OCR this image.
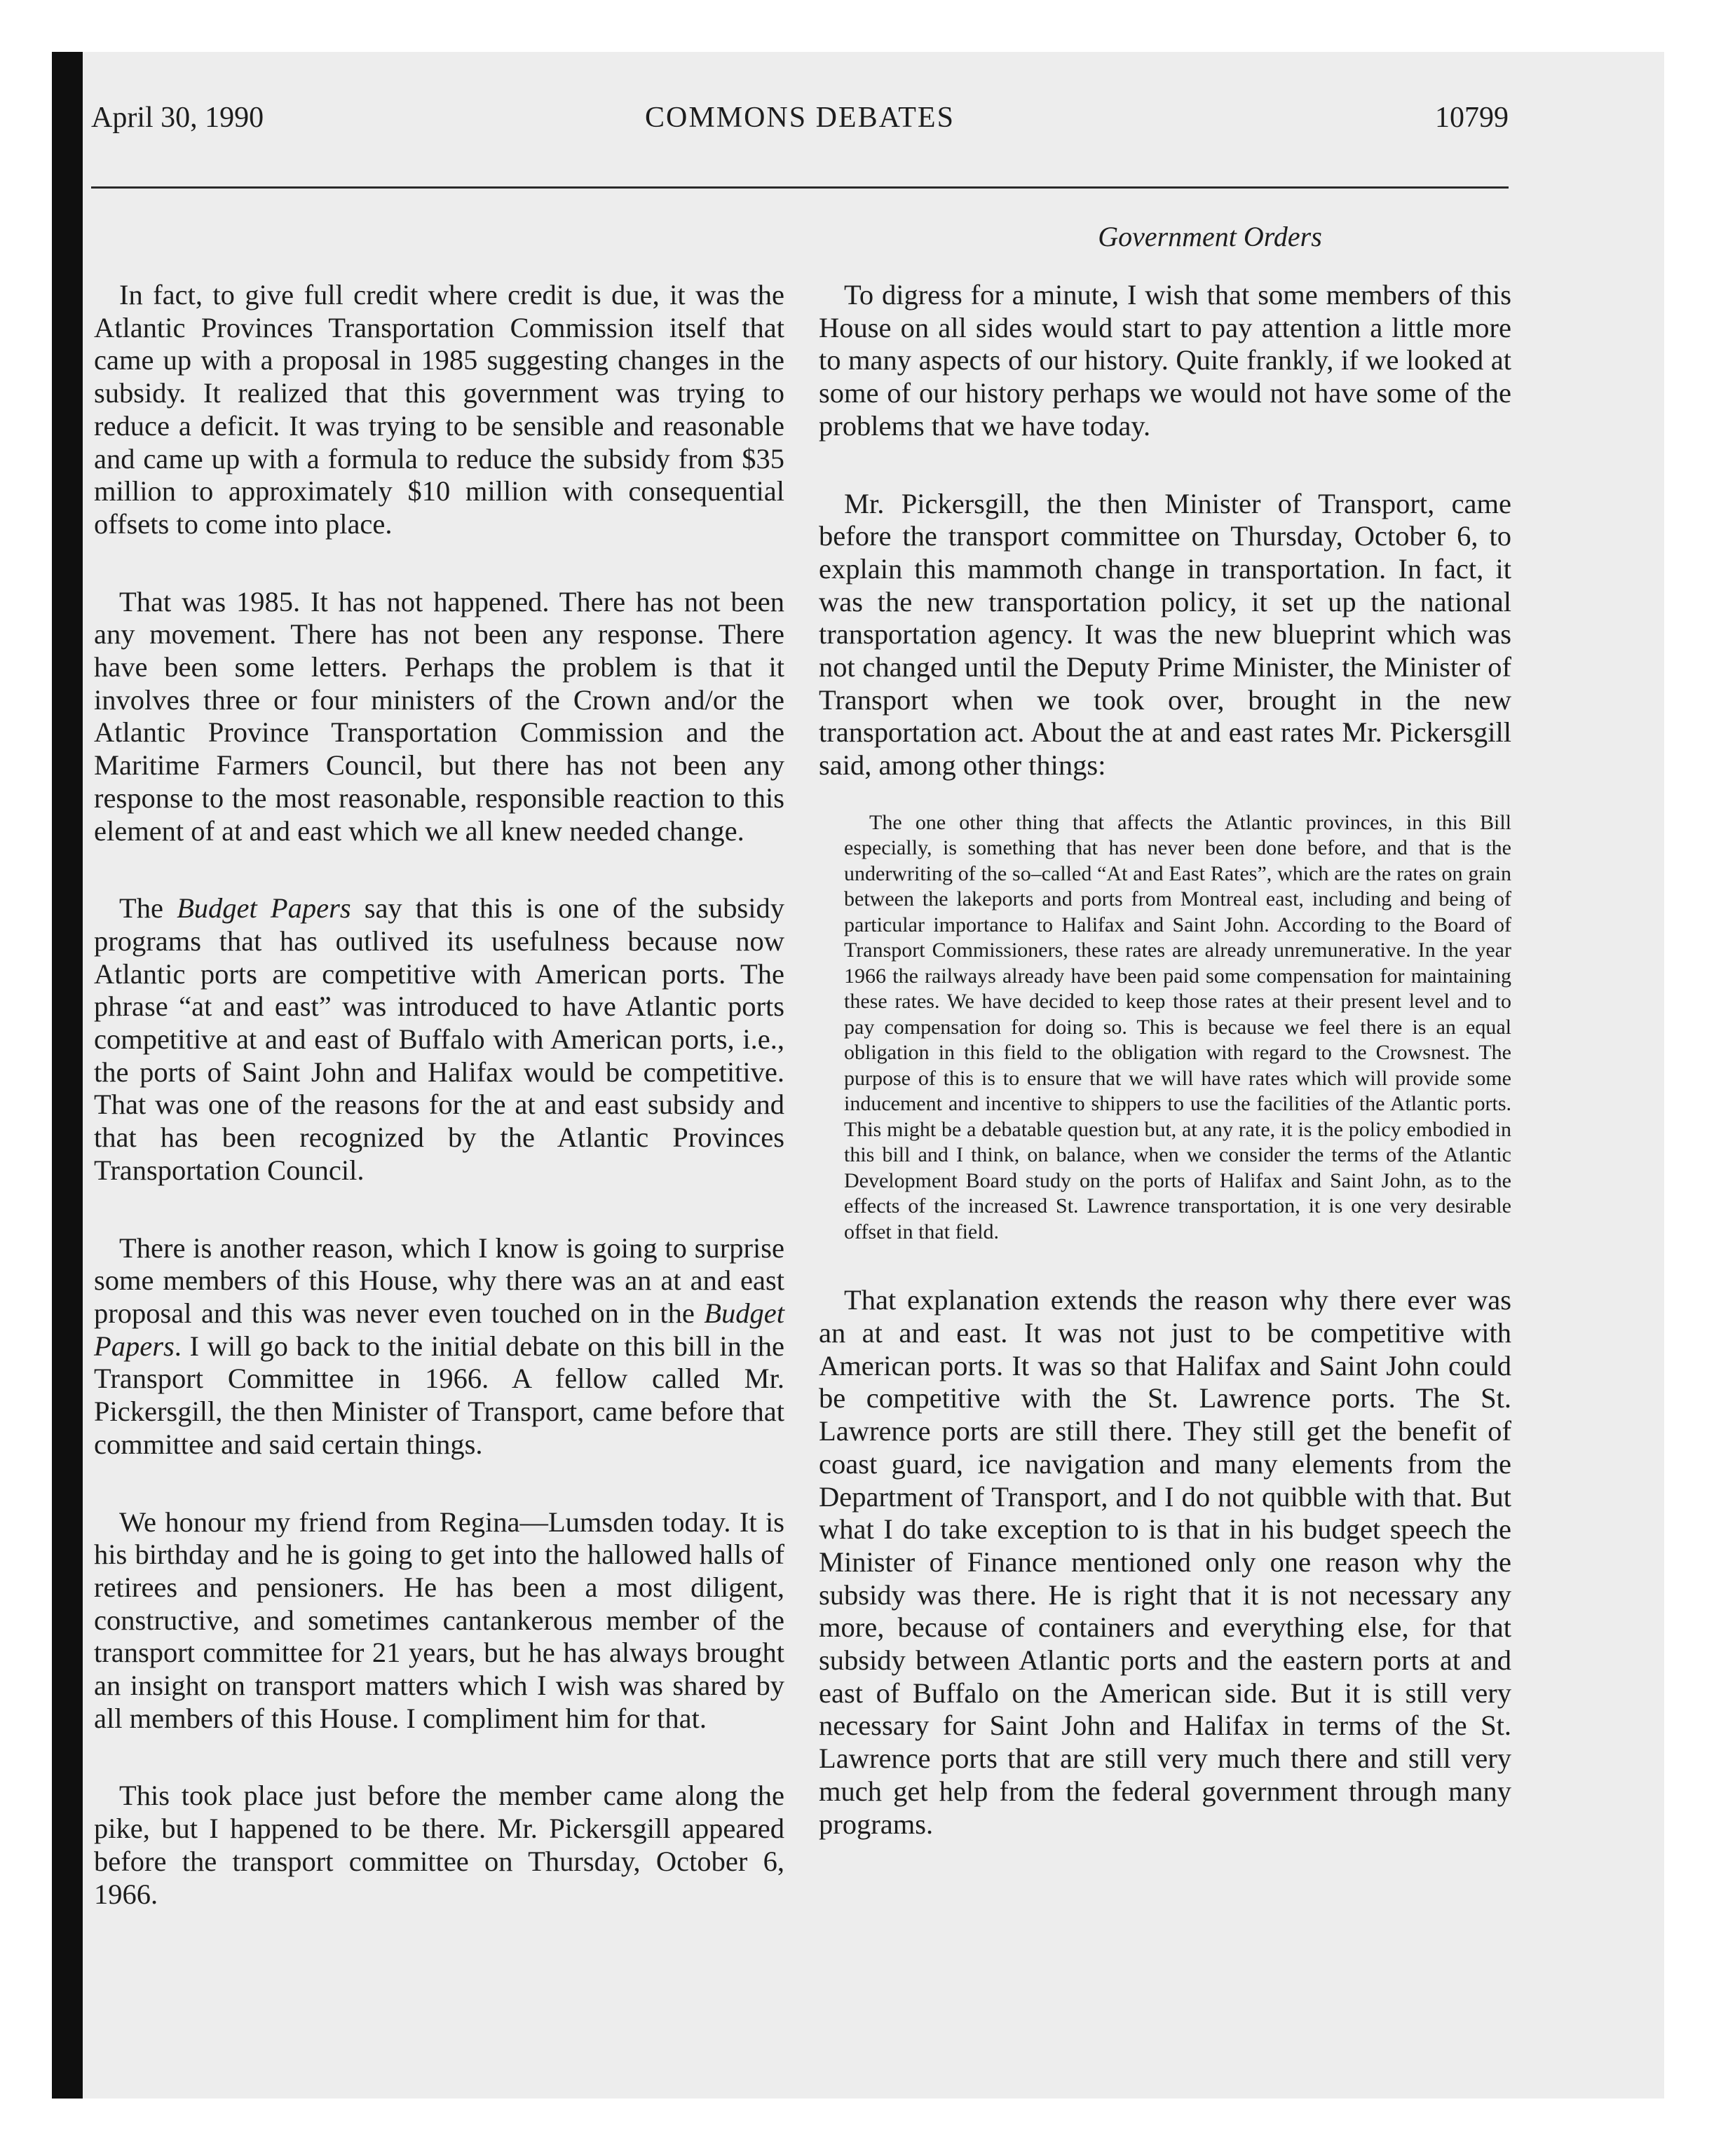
April 30, 1990	COMMONS DEBATES	10799
Government Orders

In fact, to give full credit where credit is due, it was the Atlantic Provinces Transportation Commission itself that came up with a proposal in 1985 suggesting changes in the subsidy. It realized that this government was trying to reduce a deficit. It was trying to be sensible and reasonable and came up with a formula to reduce the subsidy from $35 million to approximately $10 million with consequential offsets to come into place.

That was 1985. It has not happened. There has not been any movement. There has not been any response. There have been some letters. Perhaps the problem is that it involves three or four ministers of the Crown and/or the Atlantic Province Transportation Commission and the Maritime Farmers Council, but there has not been any response to the most reasonable, responsible reaction to this element of at and east which we all knew needed change.

The Budget Papers say that this is one of the subsidy programs that has outlived its usefulness because now Atlantic ports are competitive with American ports. The phrase “at and east” was introduced to have Atlantic ports competitive at and east of Buffalo with American ports, i.e., the ports of Saint John and Halifax would be competitive. That was one of the reasons for the at and east subsidy and that has been recognized by the Atlantic Provinces Transportation Council.

There is another reason, which I know is going to surprise some members of this House, why there was an at and east proposal and this was never even touched on in the Budget Papers. I will go back to the initial debate on this bill in the Transport Committee in 1966. A fellow called Mr. Pickersgill, the then Minister of Transport, came before that committee and said certain things.

We honour my friend from Regina—Lumsden today. It is his birthday and he is going to get into the hallowed halls of retirees and pensioners. He has been a most diligent, constructive, and sometimes cantankerous member of the transport committee for 21 years, but he has always brought an insight on transport matters which I wish was shared by all members of this House. I compliment him for that.

This took place just before the member came along the pike, but I happened to be there. Mr. Pickersgill appeared before the transport committee on Thursday, October 6, 1966.

To digress for a minute, I wish that some members of this House on all sides would start to pay attention a little more to many aspects of our history. Quite frankly, if we looked at some of our history perhaps we would not have some of the problems that we have today.

Mr. Pickersgill, the then Minister of Transport, came before the transport committee on Thursday, October 6, to explain this mammoth change in transportation. In fact, it was the new transportation policy, it set up the national transportation agency. It was the new blueprint which was not changed until the Deputy Prime Minister, the Minister of Transport when we took over, brought in the new transportation act. About the at and east rates Mr. Pickersgill said, among other things:

The one other thing that affects the Atlantic provinces, in this Bill especially, is something that has never been done before, and that is the underwriting of the so–called “At and East Rates”, which are the rates on grain between the lakeports and ports from Montreal east, including and being of particular importance to Halifax and Saint John. According to the Board of Transport Commissioners, these rates are already unremunerative. In the year 1966 the railways already have been paid some compensation for maintaining these rates. We have decided to keep those rates at their present level and to pay compensation for doing so. This is because we feel there is an equal obligation in this field to the obligation with regard to the Crowsnest. The purpose of this is to ensure that we will have rates which will provide some inducement and incentive to shippers to use the facilities of the Atlantic ports. This might be a debatable question but, at any rate, it is the policy embodied in this bill and I think, on balance, when we consider the terms of the Atlantic Development Board study on the ports of Halifax and Saint John, as to the effects of the increased St. Lawrence transportation, it is one very desirable offset in that field.

That explanation extends the reason why there ever was an at and east. It was not just to be competitive with American ports. It was so that Halifax and Saint John could be competitive with the St. Lawrence ports. The St. Lawrence ports are still there. They still get the benefit of coast guard, ice navigation and many elements from the Department of Transport, and I do not quibble with that. But what I do take exception to is that in his budget speech the Minister of Finance mentioned only one reason why the subsidy was there. He is right that it is not necessary any more, because of containers and everything else, for that subsidy between Atlantic ports and the eastern ports at and east of Buffalo on the American side. But it is still very necessary for Saint John and Halifax in terms of the St. Lawrence ports that are still very much there and still very much get help from the federal government through many programs.
